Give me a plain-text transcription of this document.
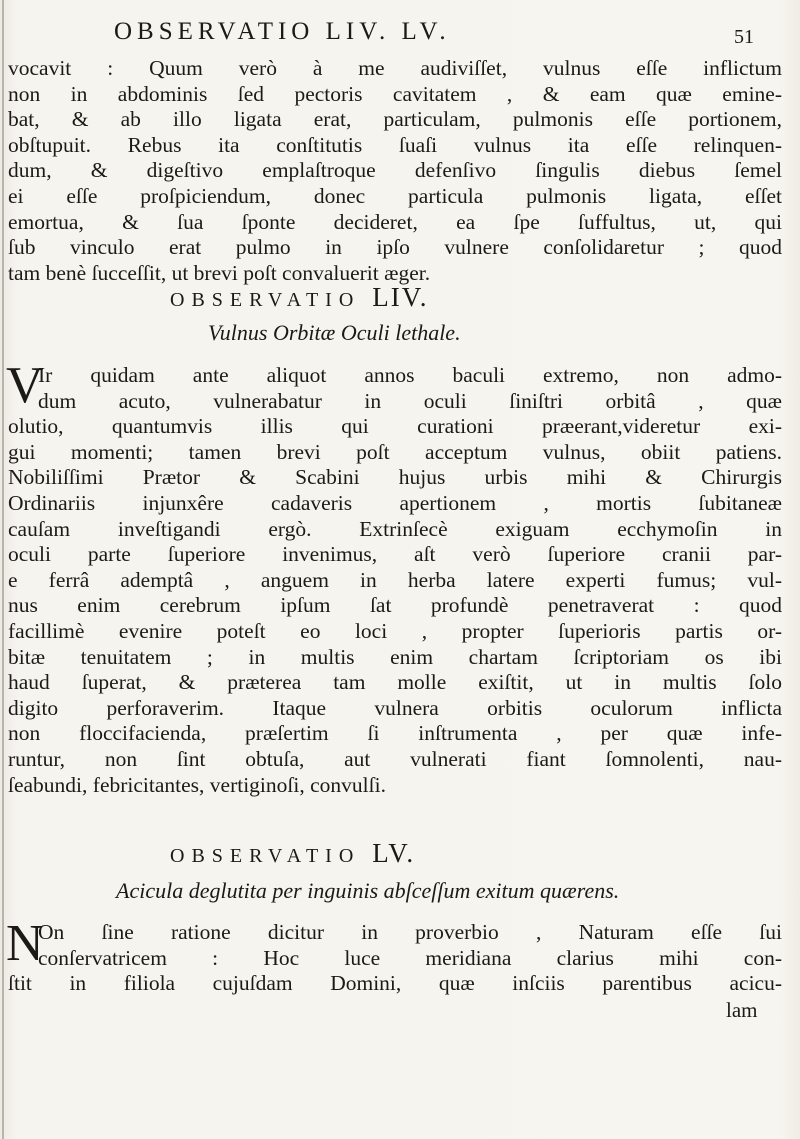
OBSERVATIO LIV. LV.	51
vocavit : Quum verò à me audiviſſet, vulnus eſſe inflictum
non in abdominis ſed pectoris cavitatem , & eam quæ emine-
bat, & ab illo ligata erat, particulam, pulmonis eſſe portionem,
obſtupuit. Rebus ita conſtitutis ſuaſi vulnus ita eſſe relinquen-
dum, & digeſtivo emplaſtroque defenſivo ſingulis diebus ſemel
ei eſſe proſpiciendum, donec particula pulmonis ligata, eſſet
emortua, & ſua ſponte decideret, ea ſpe ſuffultus, ut, qui
ſub vinculo erat pulmo in ipſo vulnere conſolidaretur ; quod
tam benè ſucceſſit, ut brevi poſt convaluerit æger.
OBSERVATIO LIV.
Vulnus Orbitæ Oculi lethale.
V
Ir quidam ante aliquot annos baculi extremo, non admo-
dum acuto, vulnerabatur in oculi ſiniſtri orbitâ , quæ
olutio, quantumvis illis qui curationi præerant,videretur exi-
gui momenti; tamen brevi poſt acceptum vulnus, obiit patiens.
Nobiliſſimi Prætor & Scabini hujus urbis mihi & Chirurgis
Ordinariis injunxêre cadaveris apertionem , mortis ſubitaneæ
cauſam inveſtigandi ergò. Extrinſecè exiguam ecchymoſin in
oculi parte ſuperiore invenimus, aſt verò ſuperiore cranii par-
e ferrâ ademptâ , anguem in herba latere experti fumus; vul-
nus enim cerebrum ipſum ſat profundè penetraverat : quod
facillimè evenire poteſt eo loci , propter ſuperioris partis or-
bitæ tenuitatem ; in multis enim chartam ſcriptoriam os ibi
haud ſuperat, & præterea tam molle exiſtit, ut in multis ſolo
digito perforaverim. Itaque vulnera orbitis oculorum inflicta
non floccifacienda, præſertim ſi inſtrumenta , per quæ infe-
runtur, non ſint obtuſa, aut vulnerati fiant ſomnolenti, nau-
ſeabundi, febricitantes, vertiginoſi, convulſi.
OBSERVATIO LV.
Acicula deglutita per inguinis abſceſſum exitum quærens.
N
On ſine ratione dicitur in proverbio , Naturam eſſe ſui
conſervatricem : Hoc luce meridiana clarius mihi con-
ſtit in filiola cujuſdam Domini, quæ inſciis parentibus acicu-
lam
